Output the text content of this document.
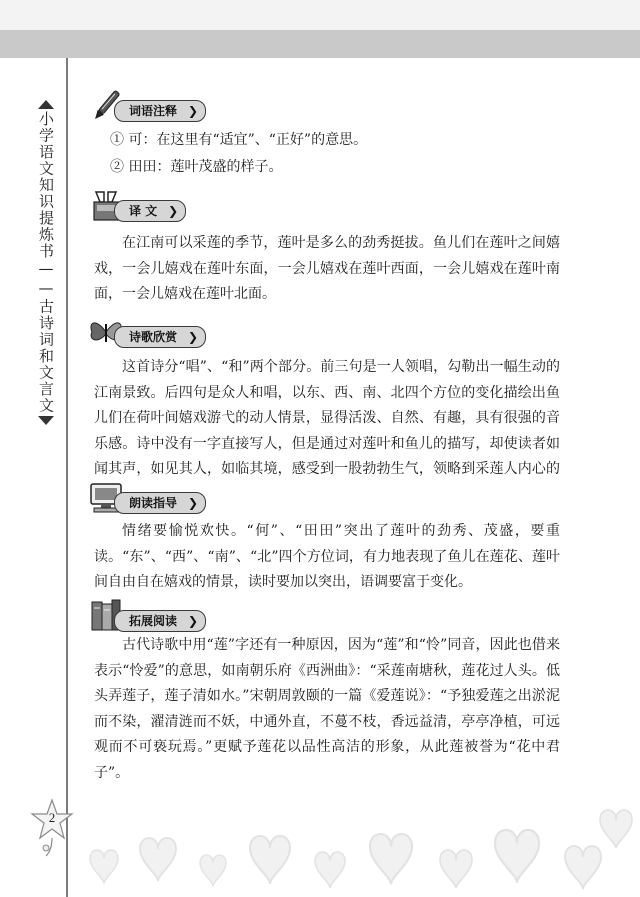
小学语文知识提炼书——古诗词和文言文	词语注释 ❯
① 可：在这里有“适宜”、“正好”的意思。
② 田田：莲叶茂盛的样子。
译 文 ❯

在江南可以采莲的季节，莲叶是多么的劲秀挺拔。鱼儿们在莲叶之间嬉戏，一会儿嬉戏在莲叶东面，一会儿嬉戏在莲叶西面，一会儿嬉戏在莲叶南面，一会儿嬉戏在莲叶北面。

诗歌欣赏 ❯

这首诗分“唱”、“和”两个部分。前三句是一人领唱，勾勒出一幅生动的江南景致。后四句是众人和唱，以东、西、南、北四个方位的变化描绘出鱼儿们在荷叶间嬉戏游弋的动人情景，显得活泼、自然、有趣，具有很强的音乐感。诗中没有一字直接写人，但是通过对莲叶和鱼儿的描写，却使读者如闻其声，如见其人，如临其境，感受到一股勃勃生气，领略到采莲人内心的

朗读指导 ❯

情绪要愉悦欢快。“何”、“田田”突出了莲叶的劲秀、茂盛，要重读。“东”、“西”、“南”、“北”四个方位词，有力地表现了鱼儿在莲花、莲叶间自由自在嬉戏的情景，读时要加以突出，语调要富于变化。

拓展阅读 ❯

古代诗歌中用“莲”字还有一种原因，因为“莲”和“怜”同音，因此也借来表示“怜爱”的意思，如南朝乐府《西洲曲》：“采莲南塘秋，莲花过人头。低头弄莲子，莲子清如水。”宋朝周敦颐的一篇《爱莲说》：“予独爱莲之出淤泥而不染，濯清涟而不妖，中通外直，不蔓不枝，香远益清，亭亭净植，可远观而不可亵玩焉。”更赋予莲花以品性高洁的形象，从此莲被誉为“花中君子”。

2
